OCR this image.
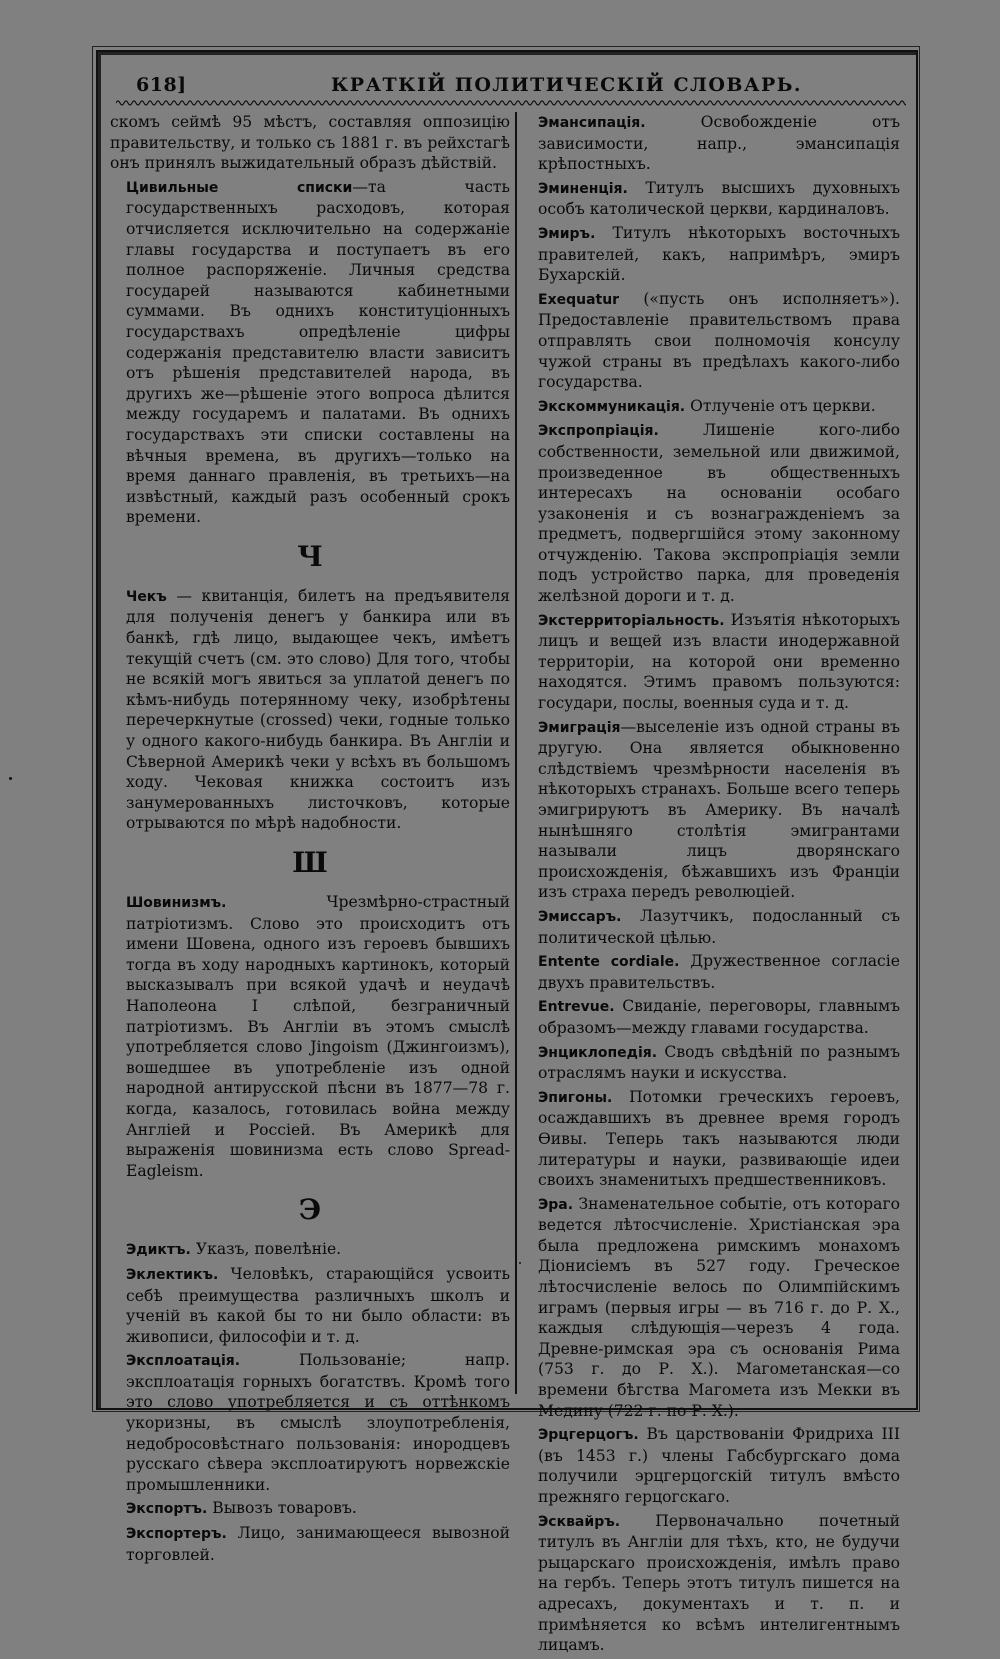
618]	КРАТКІЙ ПОЛИТИЧЕСКІЙ СЛОВАРЬ.

скомъ сеймѣ 95 мѣстъ, составляя оппозицію правительству, и только съ 1881 г. въ рейхстагѣ онъ принялъ выжидательный образъ дѣйствій.

Цивильные списки—та часть государственныхъ расходовъ, которая отчисляется исключительно на содержаніе главы государства и поступаетъ въ его полное распоряженіе. Личныя средства государей называются кабинетными суммами. Въ однихъ конституціонныхъ государствахъ опредѣленіе цифры содержанія представителю власти зависитъ отъ рѣшенія представителей народа, въ другихъ же—рѣшеніе этого вопроса дѣлится между государемъ и палатами. Въ однихъ государствахъ эти списки составлены на вѣчныя времена, въ другихъ—только на время даннаго правленія, въ третьихъ—на извѣстный, каждый разъ особенный срокъ времени.

Ч

Чекъ — квитанція, билетъ на предъявителя для полученія денегъ у банкира или въ банкѣ, гдѣ лицо, выдающее чекъ, имѣетъ текущій счетъ (см. это слово) Для того, чтобы не всякій могъ явиться за уплатой денегъ по кѣмъ-нибудь потерянному чеку, изобрѣтены перечеркнутые (crossed) чеки, годные только у одного какого-нибудь банкира. Въ Англіи и Сѣверной Америкѣ чеки у всѣхъ въ большомъ ходу. Чековая книжка состоитъ изъ занумерованныхъ листочковъ, которые отрываются по мѣрѣ надобности.

Ш

Шовинизмъ. Чрезмѣрно-страстный патріотизмъ. Слово это происходитъ отъ имени Шовена, одного изъ героевъ бывшихъ тогда въ ходу народныхъ картинокъ, который высказывалъ при всякой удачѣ и неудачѣ Наполеона I слѣпой, безграничный патріотизмъ. Въ Англіи въ этомъ смыслѣ употребляется слово Jingoism (Джингоизмъ), вошедшее въ употребленіе изъ одной народной антирусской пѣсни въ 1877—78 г. когда, казалось, готовилась война между Англіей и Россіей. Въ Америкѣ для выраженія шовинизма есть слово Spread-Eagleism.

Э

Эдиктъ. Указъ, повелѣніе.

Эклектикъ. Человѣкъ, старающійся усвоить себѣ преимущества различныхъ школъ и ученій въ какой бы то ни было области: въ живописи, философіи и т. д.

Эксплоатація. Пользованіе; напр. эксплоатація горныхъ богатствъ. Кромѣ того это слово употребляется и съ оттѣнкомъ укоризны, въ смыслѣ злоупотребленія, недобросовѣстнаго пользованія: инородцевъ русскаго сѣвера эксплоатируютъ норвежскіе промышленники.

Экспортъ. Вывозъ товаровъ.

Экспортеръ. Лицо, занимающееся вывозной торговлей.

Эмансипація. Освобожденіе отъ зависимости, напр., эмансипація крѣпостныхъ.

Эминенція. Титулъ высшихъ духовныхъ особъ католической церкви, кардиналовъ.

Эмиръ. Титулъ нѣкоторыхъ восточныхъ правителей, какъ, напримѣръ, эмиръ Бухарскій.

Exequatur («пусть онъ исполняетъ»). Предоставленіе правительствомъ права отправлять свои полномочія консулу чужой страны въ предѣлахъ какого-либо государства.

Экскоммуникація. Отлученіе отъ церкви.

Экспропріація. Лишеніе кого-либо собственности, земельной или движимой, произведенное въ общественныхъ интересахъ на основаніи особаго узаконенія и съ вознагражденіемъ за предметъ, подвергшійся этому законному отчужденію. Такова экспропріація земли подъ устройство парка, для проведенія желѣзной дороги и т. д.

Экстерриторіальность. Изъятія нѣкоторыхъ лицъ и вещей изъ власти инодержавной территоріи, на которой они временно находятся. Этимъ правомъ пользуются: государи, послы, военныя суда и т. д.

Эмиграція—выселеніе изъ одной страны въ другую. Она является обыкновенно слѣдствіемъ чрезмѣрности населенія въ нѣкоторыхъ странахъ. Больше всего теперь эмигрируютъ въ Америку. Въ началѣ нынѣшняго столѣтія эмигрантами называли лицъ дворянскаго происхожденія, бѣжавшихъ изъ Франціи изъ страха передъ революціей.

Эмиссаръ. Лазутчикъ, подосланный съ политической цѣлью.

Entente cordiale. Дружественное согласіе двухъ правительствъ.

Entrevue. Свиданіе, переговоры, главнымъ образомъ—между главами государства.

Энциклопедія. Сводъ свѣдѣній по разнымъ отраслямъ науки и искусства.

Эпигоны. Потомки греческихъ героевъ, осаждавшихъ въ древнее время городъ Ѳивы. Теперь такъ называются люди литературы и науки, развивающіе идеи своихъ знаменитыхъ предшественниковъ.

Эра. Знаменательное событіе, отъ котораго ведется лѣтосчисленіе. Христіанская эра была предложена римскимъ монахомъ Діонисіемъ въ 527 году. Греческое лѣтосчисленіе велось по Олимпійскимъ играмъ (первыя игры — въ 716 г. до Р. Х., каждыя слѣдующія—черезъ 4 года. Древне-римская эра съ основанія Рима (753 г. до Р. Х.). Магометанская—со времени бѣгства Магомета изъ Мекки въ Медину (722 г. по Р. Х.).

Эрцгерцогъ. Въ царствованіи Фридриха III (въ 1453 г.) члены Габсбургскаго дома получили эрцгерцогскій титулъ вмѣсто прежняго герцогскаго.

Эсквайръ. Первоначально почетный титулъ въ Англіи для тѣхъ, кто, не будучи рыцарскаго происхожденія, имѣлъ право на гербъ. Теперь этотъ титулъ пишется на адресахъ, документахъ и т. п. и примѣняется ко всѣмъ интелигентнымъ лицамъ.
